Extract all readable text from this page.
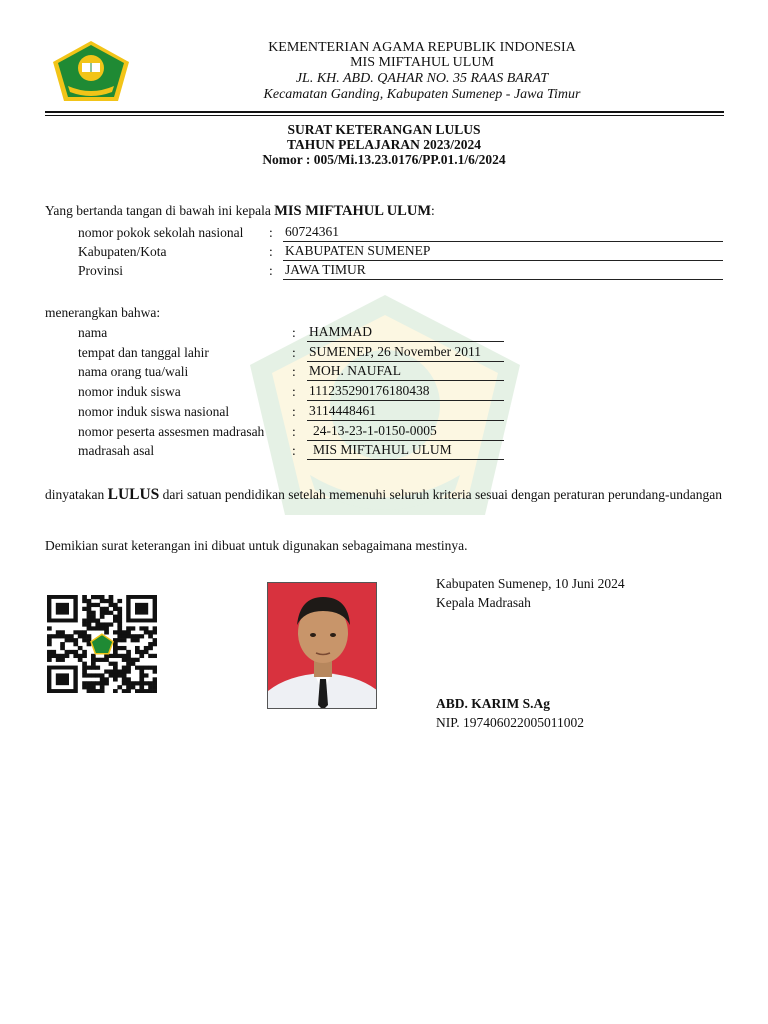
KEMENTERIAN AGAMA REPUBLIK INDONESIA
MIS MIFTAHUL ULUM
JL. KH. ABD. QAHAR NO. 35 RAAS BARAT
Kecamatan Ganding, Kabupaten Sumenep - Jawa Timur
SURAT KETERANGAN LULUS
TAHUN PELAJARAN 2023/2024
Nomor : 005/Mi.13.23.0176/PP.01.1/6/2024
Yang bertanda tangan di bawah ini kepala MIS MIFTAHUL ULUM:
nomor pokok sekolah nasional : 60724361
Kabupaten/Kota	: KABUPATEN SUMENEP
Provinsi	: JAWA TIMUR
menerangkan bahwa:
nama	: HAMMAD
tempat dan tanggal lahir	: SUMENEP, 26 November 2011
nama orang tua/wali	: MOH. NAUFAL
nomor induk siswa	: 111235290176180438
nomor induk siswa nasional	: 3114448461
nomor peserta assesmen madrasah :	24-13-23-1-0150-0005
madrasah asal	:	MIS MIFTAHUL ULUM
dinyatakan LULUS dari satuan pendidikan setelah memenuhi seluruh kriteria sesuai dengan peraturan perundang-undangan
Demikian surat keterangan ini dibuat untuk digunakan sebagaimana mestinya.
Kabupaten Sumenep, 10 Juni 2024
Kepala Madrasah
ABD. KARIM S.Ag
NIP. 197406022005011002
